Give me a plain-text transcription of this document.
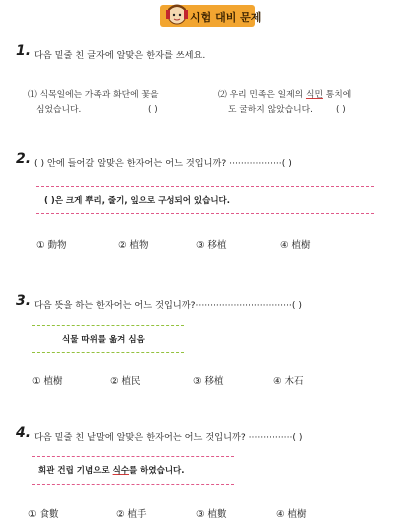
시험 대비 문제
1. 다음 밑줄 친 글자에 알맞은 한자를 쓰세요.
⑴ 식목일에는 가족과 화단에 꽃을
심었습니다.	( )
⑵ 우리 민족은 일제의 식민 통치에
도 굴하지 않았습니다.	( )
2. ( ) 안에 들어갈 알맞은 한자어는 어느 것입니까? ··················( )
( )은 크게 뿌리, 줄기, 잎으로 구성되어 있습니다.
① 動物	② 植物	③ 移植	④ 植樹
3. 다음 뜻을 하는 한자어는 어느 것입니까?·································( )
식물 따위를 옮겨 심음
① 植樹	② 植民	③ 移植	④ 木石
4. 다음 밑줄 친 낱말에 알맞은 한자어는 어느 것입니까? ···············( )
회관 건립 기념으로 식수를 하였습니다.
① 食數	② 植手	③ 植數	④ 植樹
